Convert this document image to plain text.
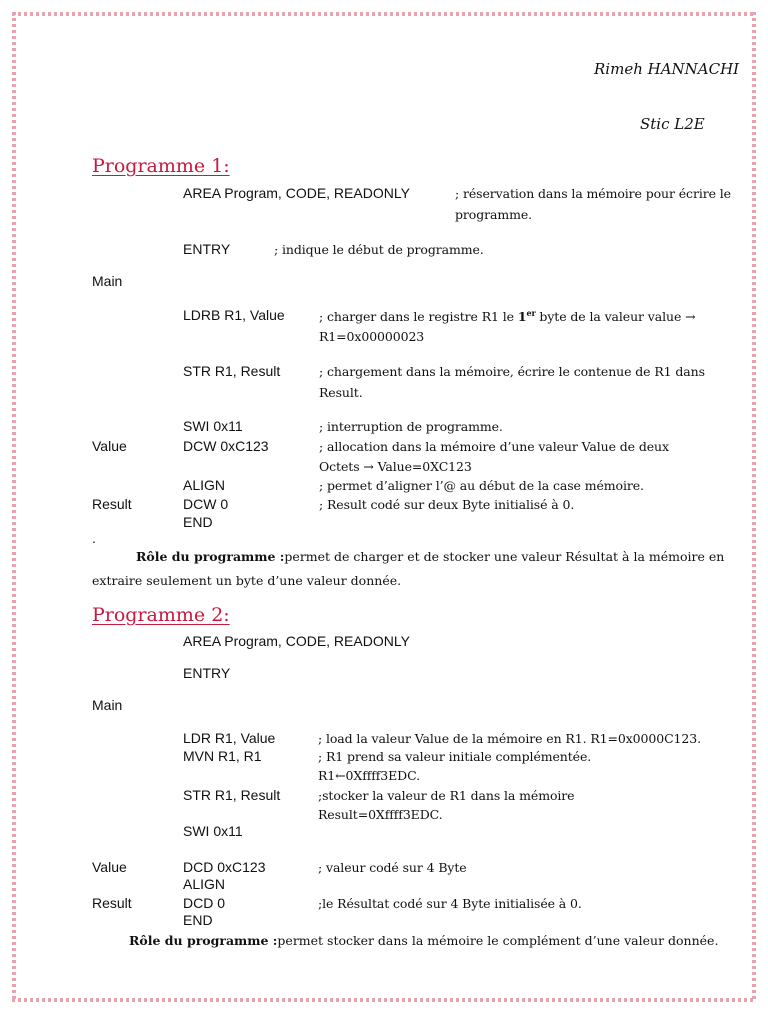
Rimeh HANNACHI
Stic L2E
Programme 1:
AREA Program, CODE, READONLY	; réservation dans la mémoire pour écrire le
programme.
ENTRY	; indique le début de programme.
Main
LDRB R1, Value	; charger dans le registre R1 le 1er byte de la valeur value →
R1=0x00000023
STR R1, Result	; chargement dans la mémoire, écrire le contenue de R1 dans
Result.
SWI 0x11	; interruption de programme.
Value	DCW 0xC123	; allocation dans la mémoire d’une valeur Value de deux
Octets → Value=0XC123
ALIGN	; permet d’aligner l’@ au début de la case mémoire.
Result	DCW 0	; Result codé sur deux Byte initialisé à 0.
END
.
Rôle du programme :permet de charger et de stocker une valeur Résultat à la mémoire en
extraire seulement un byte d’une valeur donnée.
Programme 2:
AREA Program, CODE, READONLY
ENTRY
Main
LDR R1, Value	; load la valeur Value de la mémoire en R1. R1=0x0000C123.
MVN R1, R1	; R1 prend sa valeur initiale complémentée.
R1←0Xffff3EDC.
STR R1, Result	;stocker la valeur de R1 dans la mémoire
Result=0Xffff3EDC.
SWI 0x11
Value	DCD 0xC123	; valeur codé sur 4 Byte
ALIGN
Result	DCD 0	;le Résultat codé sur 4 Byte initialisée à 0.
END
Rôle du programme :permet stocker dans la mémoire le complément d’une valeur donnée.
